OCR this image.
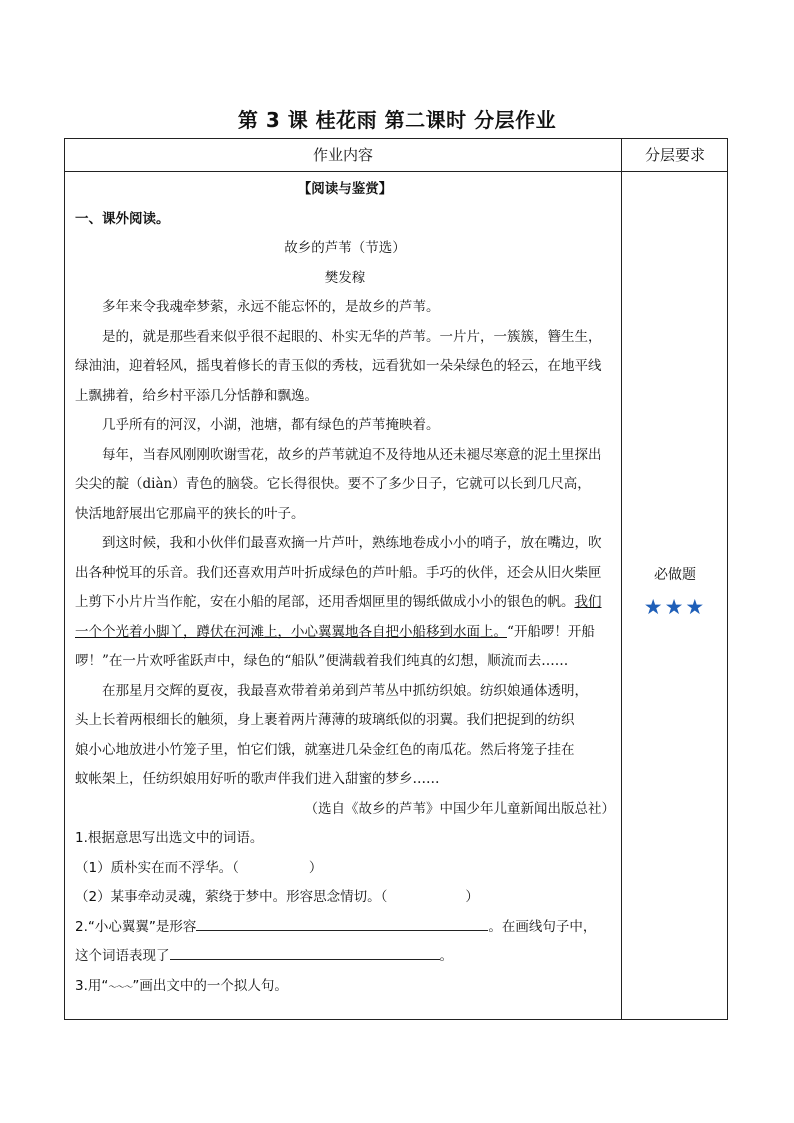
第 3 课 桂花雨 第二课时 分层作业
作业内容	分层要求
【阅读与鉴赏】
一、课外阅读。
故乡的芦苇（节选）
樊发稼
多年来令我魂牵梦萦，永远不能忘怀的，是故乡的芦苇。
是的，就是那些看来似乎很不起眼的、朴实无华的芦苇。一片片，一簇簇，簪生生，
绿油油，迎着轻风，摇曳着修长的青玉似的秀枝，远看犹如一朵朵绿色的轻云，在地平线
上飘拂着，给乡村平添几分恬静和飘逸。
几乎所有的河汊，小湖，池塘，都有绿色的芦苇掩映着。
每年，当春风刚刚吹谢雪花，故乡的芦苇就迫不及待地从还未褪尽寒意的泥土里探出
尖尖的靛（diàn）青色的脑袋。它长得很快。要不了多少日子，它就可以长到几尺高，
快活地舒展出它那扁平的狭长的叶子。
到这时候，我和小伙伴们最喜欢摘一片芦叶，熟练地卷成小小的哨子，放在嘴边，吹
出各种悦耳的乐音。我们还喜欢用芦叶折成绿色的芦叶船。手巧的伙伴，还会从旧火柴匣
上剪下小片片当作舵，安在小船的尾部，还用香烟匣里的锡纸做成小小的银色的帆。我们
一个个光着小脚丫，蹲伏在河滩上，小心翼翼地各自把小船移到水面上。“开船啰！开船
啰！”在一片欢呼雀跃声中，绿色的“船队”便满载着我们纯真的幻想，顺流而去……
在那星月交辉的夏夜，我最喜欢带着弟弟到芦苇丛中抓纺织娘。纺织娘通体透明，
头上长着两根细长的触须，身上裹着两片薄薄的玻璃纸似的羽翼。我们把捉到的纺织
娘小心地放进小竹笼子里，怕它们饿，就塞进几朵金红色的南瓜花。然后将笼子挂在
蚊帐架上，任纺织娘用好听的歌声伴我们进入甜蜜的梦乡……
（选自《故乡的芦苇》中国少年儿童新闻出版总社）
1.根据意思写出选文中的词语。
（1）质朴实在而不浮华。（	）
（2）某事牵动灵魂，萦绕于梦中。形容思念情切。（	）
2.“小心翼翼”是形容	。在画线句子中，
这个词语表现了	。
3.用“～～～”画出文中的一个拟人句。
必做题
★★★
